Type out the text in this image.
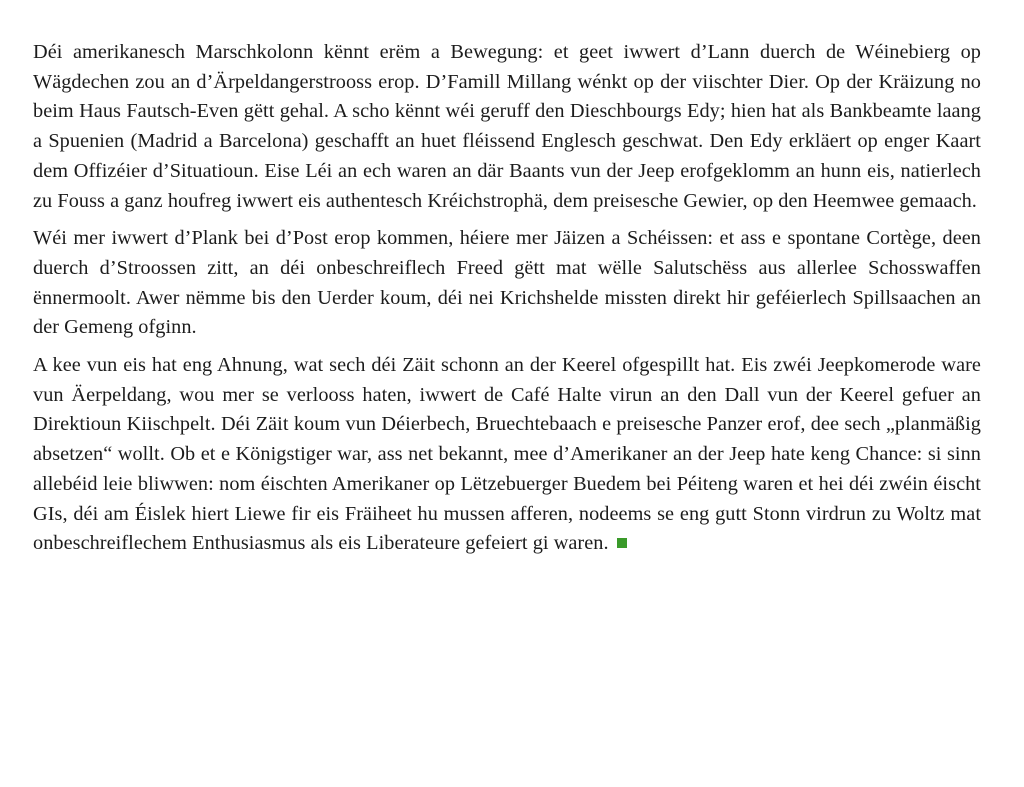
Déi amerikanesch Marschkolonn kënnt erëm a Bewegung: et geet iwwert d’Lann duerch de Wéinebierg op Wägdechen zou an d’Ärpeldangerstrooss erop. D’Famill Millang wénkt op der viischter Dier. Op der Kräizung no beim Haus Fautsch-Even gëtt gehal. A scho kënnt wéi geruff den Dieschbourgs Edy; hien hat als Bankbeamte laang a Spuenien (Madrid a Barcelona) geschafft an huet fléissend Englesch geschwat. Den Edy erkläert op enger Kaart dem Offizéier d’Situatioun. Eise Léi an ech waren an där Baants vun der Jeep erofgeklomm an hunn eis, natierlech zu Fouss a ganz houfreg iwwert eis authentesch Kréichstrophä, dem preisesche Gewier, op den Heemwee gemaach.

Wéi mer iwwert d’Plank bei d’Post erop kommen, héiere mer Jäizen a Schéissen: et ass e spontane Cortège, deen duerch d’Stroossen zitt, an déi onbeschreiflech Freed gëtt mat wëlle Salutschëss aus allerlee Schosswaffen ënnermoolt. Awer nëmme bis den Uerder koum, déi nei Krichshelde missten direkt hir geféierlech Spillsaachen an der Gemeng ofginn.

A kee vun eis hat eng Ahnung, wat sech déi Zäit schonn an der Keerel ofgespillt hat. Eis zwéi Jeepkomerode ware vun Äerpeldang, wou mer se verlooss haten, iwwert de Café Halte virun an den Dall vun der Keerel gefuer an Direktioun Kiischpelt. Déi Zäit koum vun Déierbech, Bruechtebaach e preisesche Panzer erof, dee sech „planmäßig absetzen“ wollt. Ob et e Königstiger war, ass net bekannt, mee d’Amerikaner an der Jeep hate keng Chance: si sinn allebéid leie bliwwen: nom éischten Amerikaner op Lëtzebuerger Buedem bei Péiteng waren et hei déi zwéin éischt GIs, déi am Éislek hiert Liewe fir eis Fräiheet hu mussen afferen, nodeems se eng gutt Stonn virdrun zu Woltz mat onbeschreiflechem Enthusiasmus als eis Liberateure gefeiert gi waren.
